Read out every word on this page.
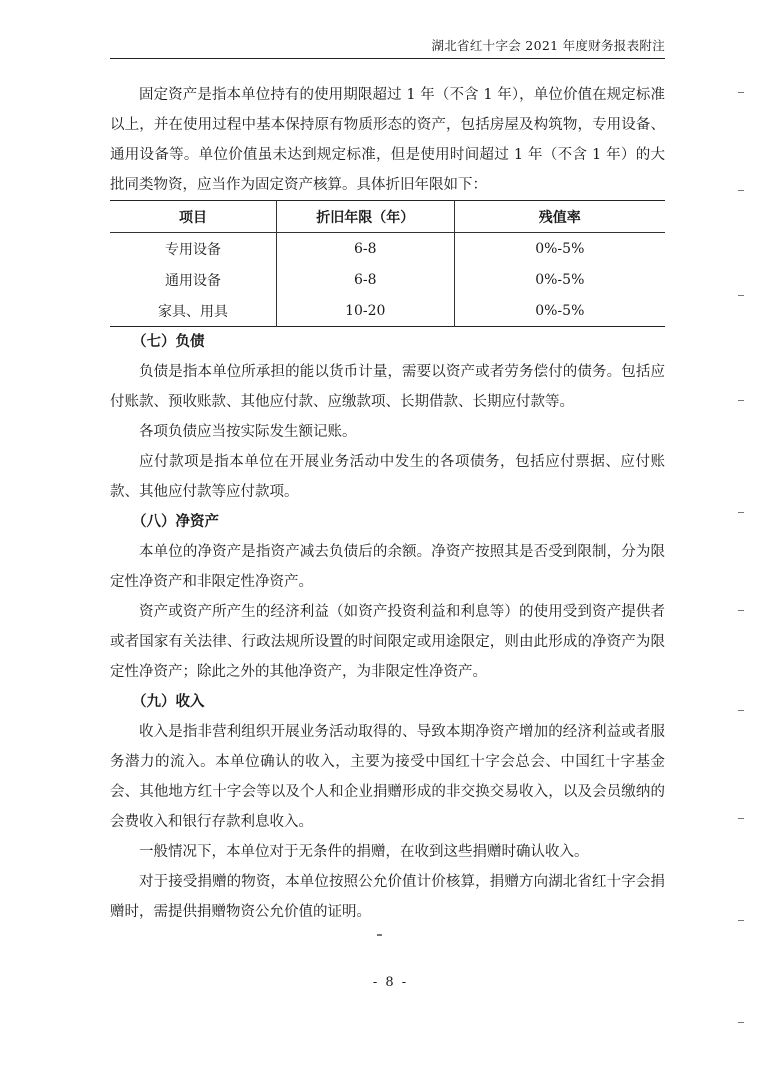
湖北省红十字会 2021 年度财务报表附注

固定资产是指本单位持有的使用期限超过 1 年（不含 1 年），单位价值在规定标准以上，并在使用过程中基本保持原有物质形态的资产，包括房屋及构筑物，专用设备、通用设备等。单位价值虽未达到规定标准，但是使用时间超过 1 年（不含 1 年）的大批同类物资，应当作为固定资产核算。具体折旧年限如下：

项目	折旧年限（年）	残值率
专用设备	6-8	0%-5%
通用设备	6-8	0%-5%
家具、用具	10-20	0%-5%

（七）负债

负债是指本单位所承担的能以货币计量，需要以资产或者劳务偿付的债务。包括应付账款、预收账款、其他应付款、应缴款项、长期借款、长期应付款等。

各项负债应当按实际发生额记账。

应付款项是指本单位在开展业务活动中发生的各项债务，包括应付票据、应付账款、其他应付款等应付款项。

（八）净资产

本单位的净资产是指资产减去负债后的余额。净资产按照其是否受到限制，分为限定性净资产和非限定性净资产。

资产或资产所产生的经济利益（如资产投资利益和利息等）的使用受到资产提供者或者国家有关法律、行政法规所设置的时间限定或用途限定，则由此形成的净资产为限定性净资产；除此之外的其他净资产，为非限定性净资产。

（九）收入

收入是指非营利组织开展业务活动取得的、导致本期净资产增加的经济利益或者服务潜力的流入。本单位确认的收入，主要为接受中国红十字会总会、中国红十字基金会、其他地方红十字会等以及个人和企业捐赠形成的非交换交易收入，以及会员缴纳的会费收入和银行存款利息收入。

一般情况下，本单位对于无条件的捐赠，在收到这些捐赠时确认收入。

对于接受捐赠的物资，本单位按照公允价值计价核算，捐赠方向湖北省红十字会捐赠时，需提供捐赠物资公允价值的证明。

- 8 -
